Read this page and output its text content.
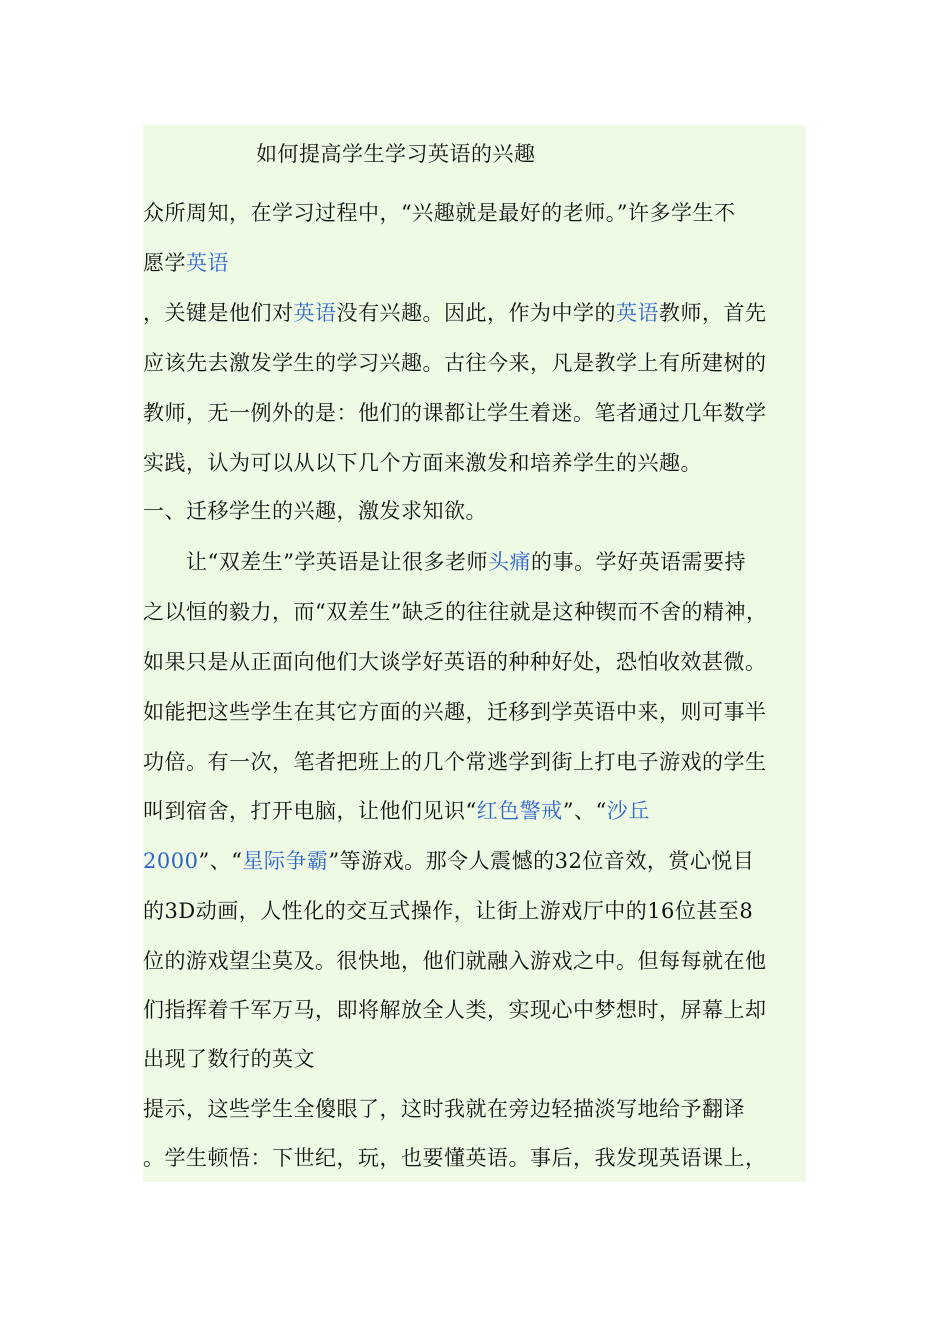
如何提高学生学习英语的兴趣
众所周知，在学习过程中，“兴趣就是最好的老师。”许多学生不
愿学英语
，关键是他们对英语没有兴趣。因此，作为中学的英语教师，首先
应该先去激发学生的学习兴趣。古往今来，凡是教学上有所建树的
教师，无一例外的是：他们的课都让学生着迷。笔者通过几年数学
实践，认为可以从以下几个方面来激发和培养学生的兴趣。
一、迁移学生的兴趣，激发求知欲。
　　让“双差生”学英语是让很多老师头痛的事。学好英语需要持
之以恒的毅力，而“双差生”缺乏的往往就是这种锲而不舍的精神，
如果只是从正面向他们大谈学好英语的种种好处，恐怕收效甚微。
如能把这些学生在其它方面的兴趣，迁移到学英语中来，则可事半
功倍。有一次，笔者把班上的几个常逃学到街上打电子游戏的学生
叫到宿舍，打开电脑，让他们见识“红色警戒”、“沙丘
2000”、“星际争霸”等游戏。那令人震憾的32位音效，赏心悦目
的3D动画，人性化的交互式操作，让街上游戏厅中的16位甚至8
位的游戏望尘莫及。很快地，他们就融入游戏之中。但每每就在他
们指挥着千军万马，即将解放全人类，实现心中梦想时，屏幕上却
出现了数行的英文
提示，这些学生全傻眼了，这时我就在旁边轻描淡写地给予翻译
。学生顿悟：下世纪，玩，也要懂英语。事后，我发现英语课上，
